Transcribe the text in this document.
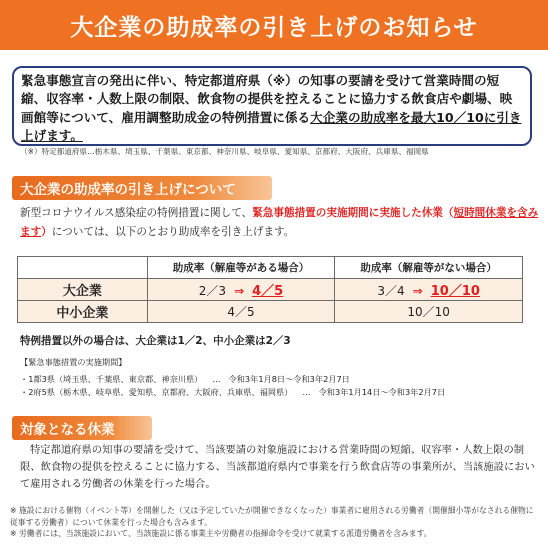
大企業の助成率の引き上げのお知らせ
緊急事態宣言の発出に伴い、特定都道府県（※）の知事の要請を受けて営業時間の短縮、収容率・人数上限の制限、飲食物の提供を控えることに協力する飲食店や劇場、映画館等について、雇用調整助成金の特例措置に係る大企業の助成率を最大10／10に引き上げます。
（※）特定都道府県…栃木県、埼玉県、千葉県、東京都、神奈川県、岐阜県、愛知県、京都府、大阪府、兵庫県、福岡県
大企業の助成率の引き上げについて
新型コロナウイルス感染症の特例措置に関して、緊急事態措置の実施期間に実施した休業（短時間休業を含みます）については、以下のとおり助成率を引き上げます。
	助成率（解雇等がある場合）	助成率（解雇等がない場合）
大企業	2／3 ⇒ 4／5	3／4 ⇒ 10／10
中小企業	4／5	10／10
特例措置以外の場合は、大企業は1／2、中小企業は2／3
【緊急事態措置の実施期間】
・1都3県（埼玉県、千葉県、東京都、神奈川県） … 令和3年1月8日～令和3年2月7日
・2府5県（栃木県、岐阜県、愛知県、京都府、大阪府、兵庫県、福岡県） … 令和3年1月14日～令和3年2月7日
対象となる休業
特定都道府県の知事の要請を受けて、当該要請の対象施設における営業時間の短縮、収容率・人数上限の制限、飲食物の提供を控えることに協力する、当該都道府県内で事業を行う飲食店等の事業所が、当該施設において雇用される労働者の休業を行った場合。
※ 施設における催物（イベント等）を開催した（又は予定していたが開催できなくなった）事業者に雇用される労働者（開催細小等がなされる催物に従事する労働者）について休業を行った場合も含みます。
※ 労働者には、当該施設において、当該施設に係る事業主や労働者の指揮命令を受けて就業する派遣労働者を含みます。
